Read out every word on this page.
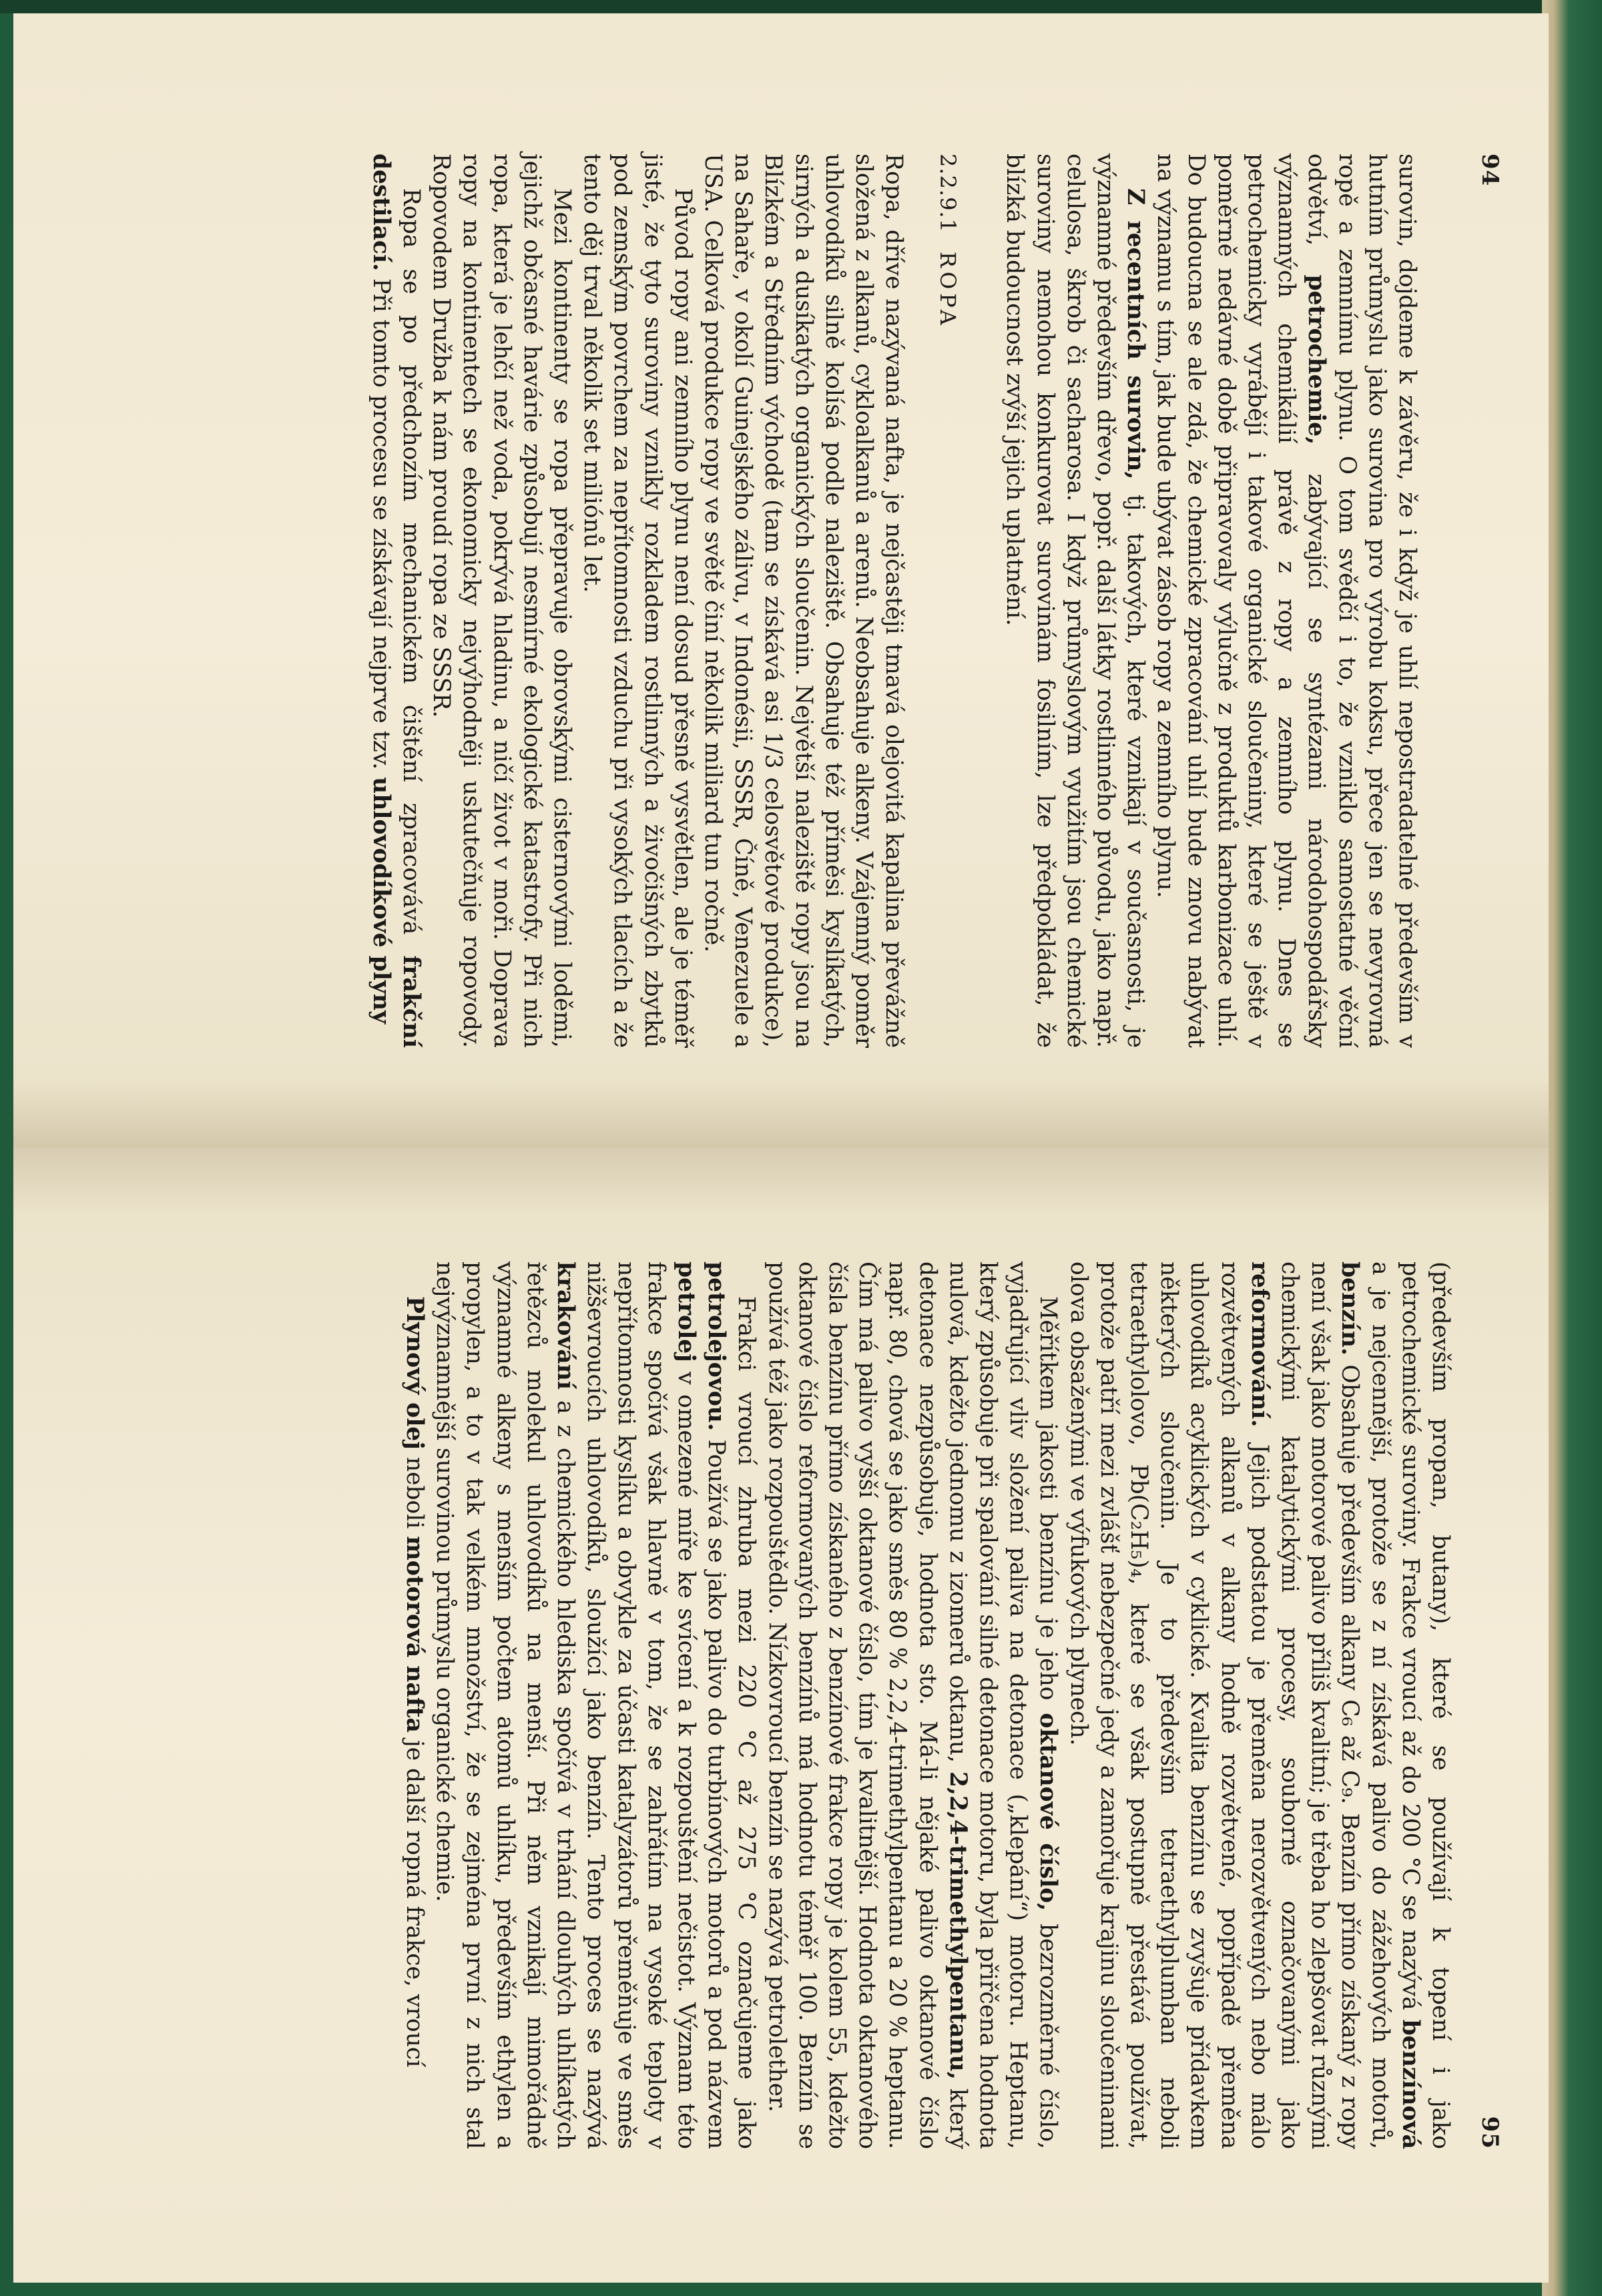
94

surovin, dojdeme k závěru, že i když je uhlí nepostradatelné především v hutním průmyslu jako surovina pro výrobu koksu, přece jen se nevyrovná ropě a zemnímu plynu. O tom svědčí i to, že vzniklo samostatné věční odvětví, petrochemie, zabývající se syntézami národohospodářsky významných chemikálií právě z ropy a zemního plynu. Dnes se petrochemicky vyrábějí i takové organické sloučeniny, které se ještě v poměrně nedávné době připravovaly výlučně z produktů karbonizace uhlí. Do budoucna se ale zdá, že chemické zpracování uhlí bude znovu nabývat na významu s tím, jak bude ubývat zásob ropy a zemního plynu.

Z recentních surovin, tj. takových, které vznikají v současnosti, je významné především dřevo, popř. další látky rostlinného původu, jako např. celulosa, škrob či sacharosa. I když průmyslovým využitím jsou chemické suroviny nemohou konkurovat surovinám fosilním, lze předpokládat, že blízká budoucnost zvýší jejich uplatnění.

2.2.9.1ROPA

Ropa, dříve nazývaná nafta, je nejčastěji tmavá olejovitá kapalina převážně složená z alkanů, cykloalkanů a arenů. Neobsahuje alkeny. Vzájemný poměr uhlovodíků silně kolísá podle naleziště. Obsahuje též příměsi kyslíkatých, sirných a dusíkatých organických sloučenin. Největší naleziště ropy jsou na Blízkém a Středním východě (tam se získává asi 1/3 celosvětové produkce), na Sahaře, v okolí Guinejského zálivu, v Indonésii, SSSR, Číně, Venezuele a USA. Celková produkce ropy ve světě činí několik miliard tun ročně.

Původ ropy ani zemního plynu není dosud přesně vysvětlen, ale je téměř jisté, že tyto suroviny vznikly rozkladem rostlinných a živočišných zbytků pod zemským povrchem za nepřítomnosti vzduchu při vysokých tlacích a že tento děj trval několik set miliónů let.

Mezi kontinenty se ropa přepravuje obrovskými cisternovými loděmi, jejichž občasné havárie způsobují nesmírné ekologické katastrofy. Při nich ropa, která je lehčí než voda, pokrývá hladinu, a ničí život v moři. Doprava ropy na kontinentech se ekonomicky nejvýhodněji uskutečňuje ropovody. Ropovodem Družba k nám proudí ropa ze SSSR.

Ropa se po předchozím mechanickém čištění zpracovává frakční destilací. Při tomto procesu se získávají nejprve tzv. uhlovodíkové plyny

95

(především propan, butany), které se používají k topení i jako petrochemické suroviny. Frakce vroucí až do 200 °C se nazývá benzínová a je nejcennější, protože se z ní získává palivo do zážehových motorů, benzín. Obsahuje především alkany C₆ až C₉. Benzín přímo získaný z ropy není však jako motorové palivo příliš kvalitní; je třeba ho zlepšovat různými chemickými katalytickými procesy, souborně označovanými jako reformování. Jejich podstatou je přeměna nerozvětvených nebo málo rozvětvených alkanů v alkany hodně rozvětvené, popřípadě přeměna uhlovodíků acyklických v cyklické. Kvalita benzínu se zvyšuje přídavkem některých sloučenin. Je to především tetraethylplumban neboli tetraethylolovo, Pb(C₂H₅)₄, které se však postupně přestává používat, protože patří mezi zvlášť nebezpečné jedy a zamořuje krajinu sloučeninami olova obsaženými ve výfukových plynech.

Měřítkem jakosti benzínu je jeho oktanové číslo, bezrozměrné číslo, vyjadřující vliv složení paliva na detonace („klepání“) motoru. Heptanu, který způsobuje při spalování silné detonace motoru, byla přiřčena hodnota nulová, kdežto jednomu z izomerů oktanu, 2,2,4-trimethylpentanu, který detonace nezpůsobuje, hodnota sto. Má-li nějaké palivo oktanové číslo např. 80, chová se jako směs 80 % 2,2,4-trimethylpentanu a 20 % heptanu. Čím má palivo vyšší oktanové číslo, tím je kvalitnější. Hodnota oktanového čísla benzínu přímo získaného z benzínové frakce ropy je kolem 55, kdežto oktanové číslo reformovaných benzínů má hodnotu téměř 100. Benzín se používá též jako rozpouštědlo. Nízkovroucí benzín se nazývá petrolether.

Frakci vroucí zhruba mezi 220 °C až 275 °C označujeme jako petrolejovou. Používá se jako palivo do turbínových motorů a pod názvem petrolej v omezené míře ke svícení a k rozpouštění nečistot. Význam této frakce spočívá však hlavně v tom, že se zahřátím na vysoké teploty v nepřítomnosti kyslíku a obvykle za účasti katalyzátorů přeměňuje ve směs nižševroucích uhlovodíků, sloužící jako benzín. Tento proces se nazývá krakování a z chemického hlediska spočívá v trhání dlouhých uhlíkatých řetězců molekul uhlovodíků na menší. Při něm vznikají mimořádně významné alkeny s menším počtem atomů uhlíku, především ethylen a propylen, a to v tak velkém množství, že se zejména první z nich stal nejvýznamnější surovinou průmyslu organické chemie.

Plynový olej neboli motorová nafta je další ropná frakce, vroucí
